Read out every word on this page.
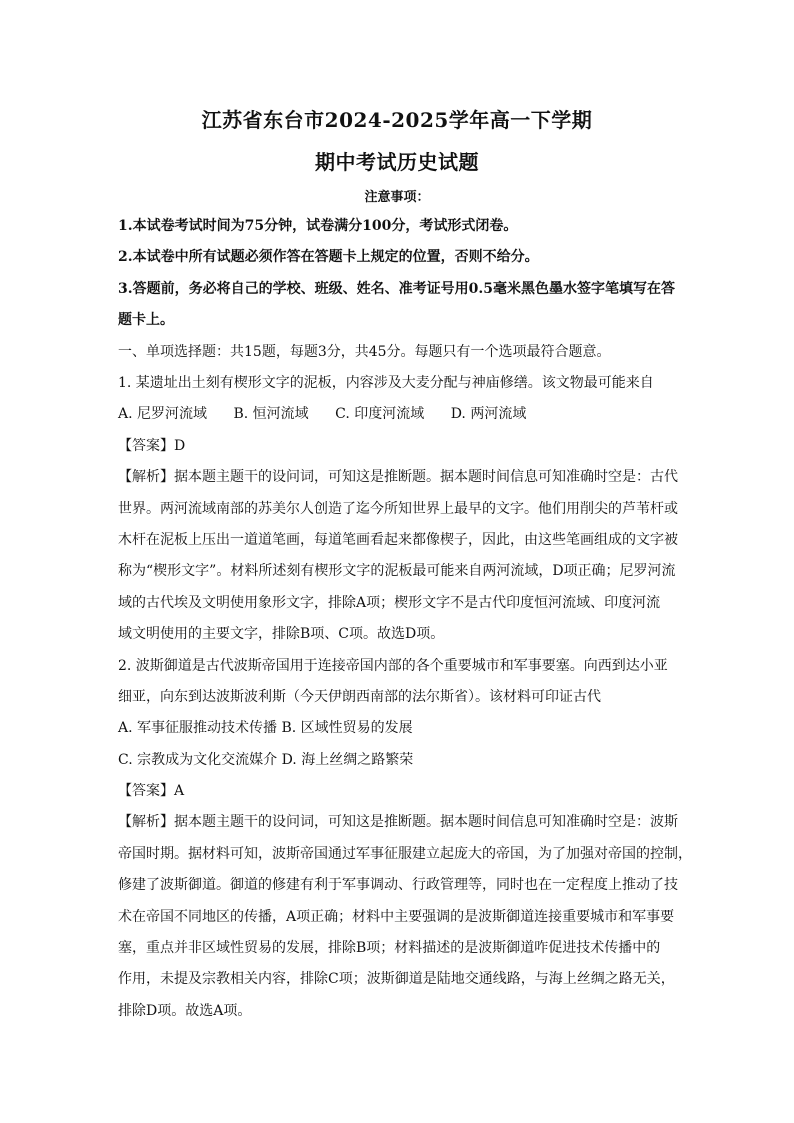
江苏省东台市2024-2025学年高一下学期
期中考试历史试题
注意事项：
1.本试卷考试时间为75分钟，试卷满分100分，考试形式闭卷。
2.本试卷中所有试题必须作答在答题卡上规定的位置，否则不给分。
3.答题前，务必将自己的学校、班级、姓名、准考证号用0.5毫米黑色墨水签字笔填写在答
题卡上。
一、单项选择题：共15题，每题3分，共45分。每题只有一个选项最符合题意。
1. 某遗址出土刻有楔形文字的泥板，内容涉及大麦分配与神庙修缮。该文物最可能来自
A. 尼罗河流域 B. 恒河流域 C. 印度河流域 D. 两河流域
【答案】D
【解析】据本题主题干的设问词，可知这是推断题。据本题时间信息可知准确时空是：古代
世界。两河流域南部的苏美尔人创造了迄今所知世界上最早的文字。他们用削尖的芦苇杆或
木杆在泥板上压出一道道笔画，每道笔画看起来都像楔子，因此，由这些笔画组成的文字被
称为“楔形文字”。材料所述刻有楔形文字的泥板最可能来自两河流域，D项正确；尼罗河流
域的古代埃及文明使用象形文字，排除A项；楔形文字不是古代印度恒河流域、印度河流
域文明使用的主要文字，排除B项、C项。故选D项。
2. 波斯御道是古代波斯帝国用于连接帝国内部的各个重要城市和军事要塞。向西到达小亚
细亚，向东到达波斯波利斯（今天伊朗西南部的法尔斯省）。该材料可印证古代
A. 军事征服推动技术传播 B. 区域性贸易的发展
C. 宗教成为文化交流媒介 D. 海上丝绸之路繁荣
【答案】A
【解析】据本题主题干的设问词，可知这是推断题。据本题时间信息可知准确时空是：波斯
帝国时期。据材料可知，波斯帝国通过军事征服建立起庞大的帝国，为了加强对帝国的控制，
修建了波斯御道。御道的修建有利于军事调动、行政管理等，同时也在一定程度上推动了技
术在帝国不同地区的传播，A项正确；材料中主要强调的是波斯御道连接重要城市和军事要
塞，重点并非区域性贸易的发展，排除B项；材料描述的是波斯御道咋促进技术传播中的
作用，未提及宗教相关内容，排除C项；波斯御道是陆地交通线路，与海上丝绸之路无关，
排除D项。故选A项。
